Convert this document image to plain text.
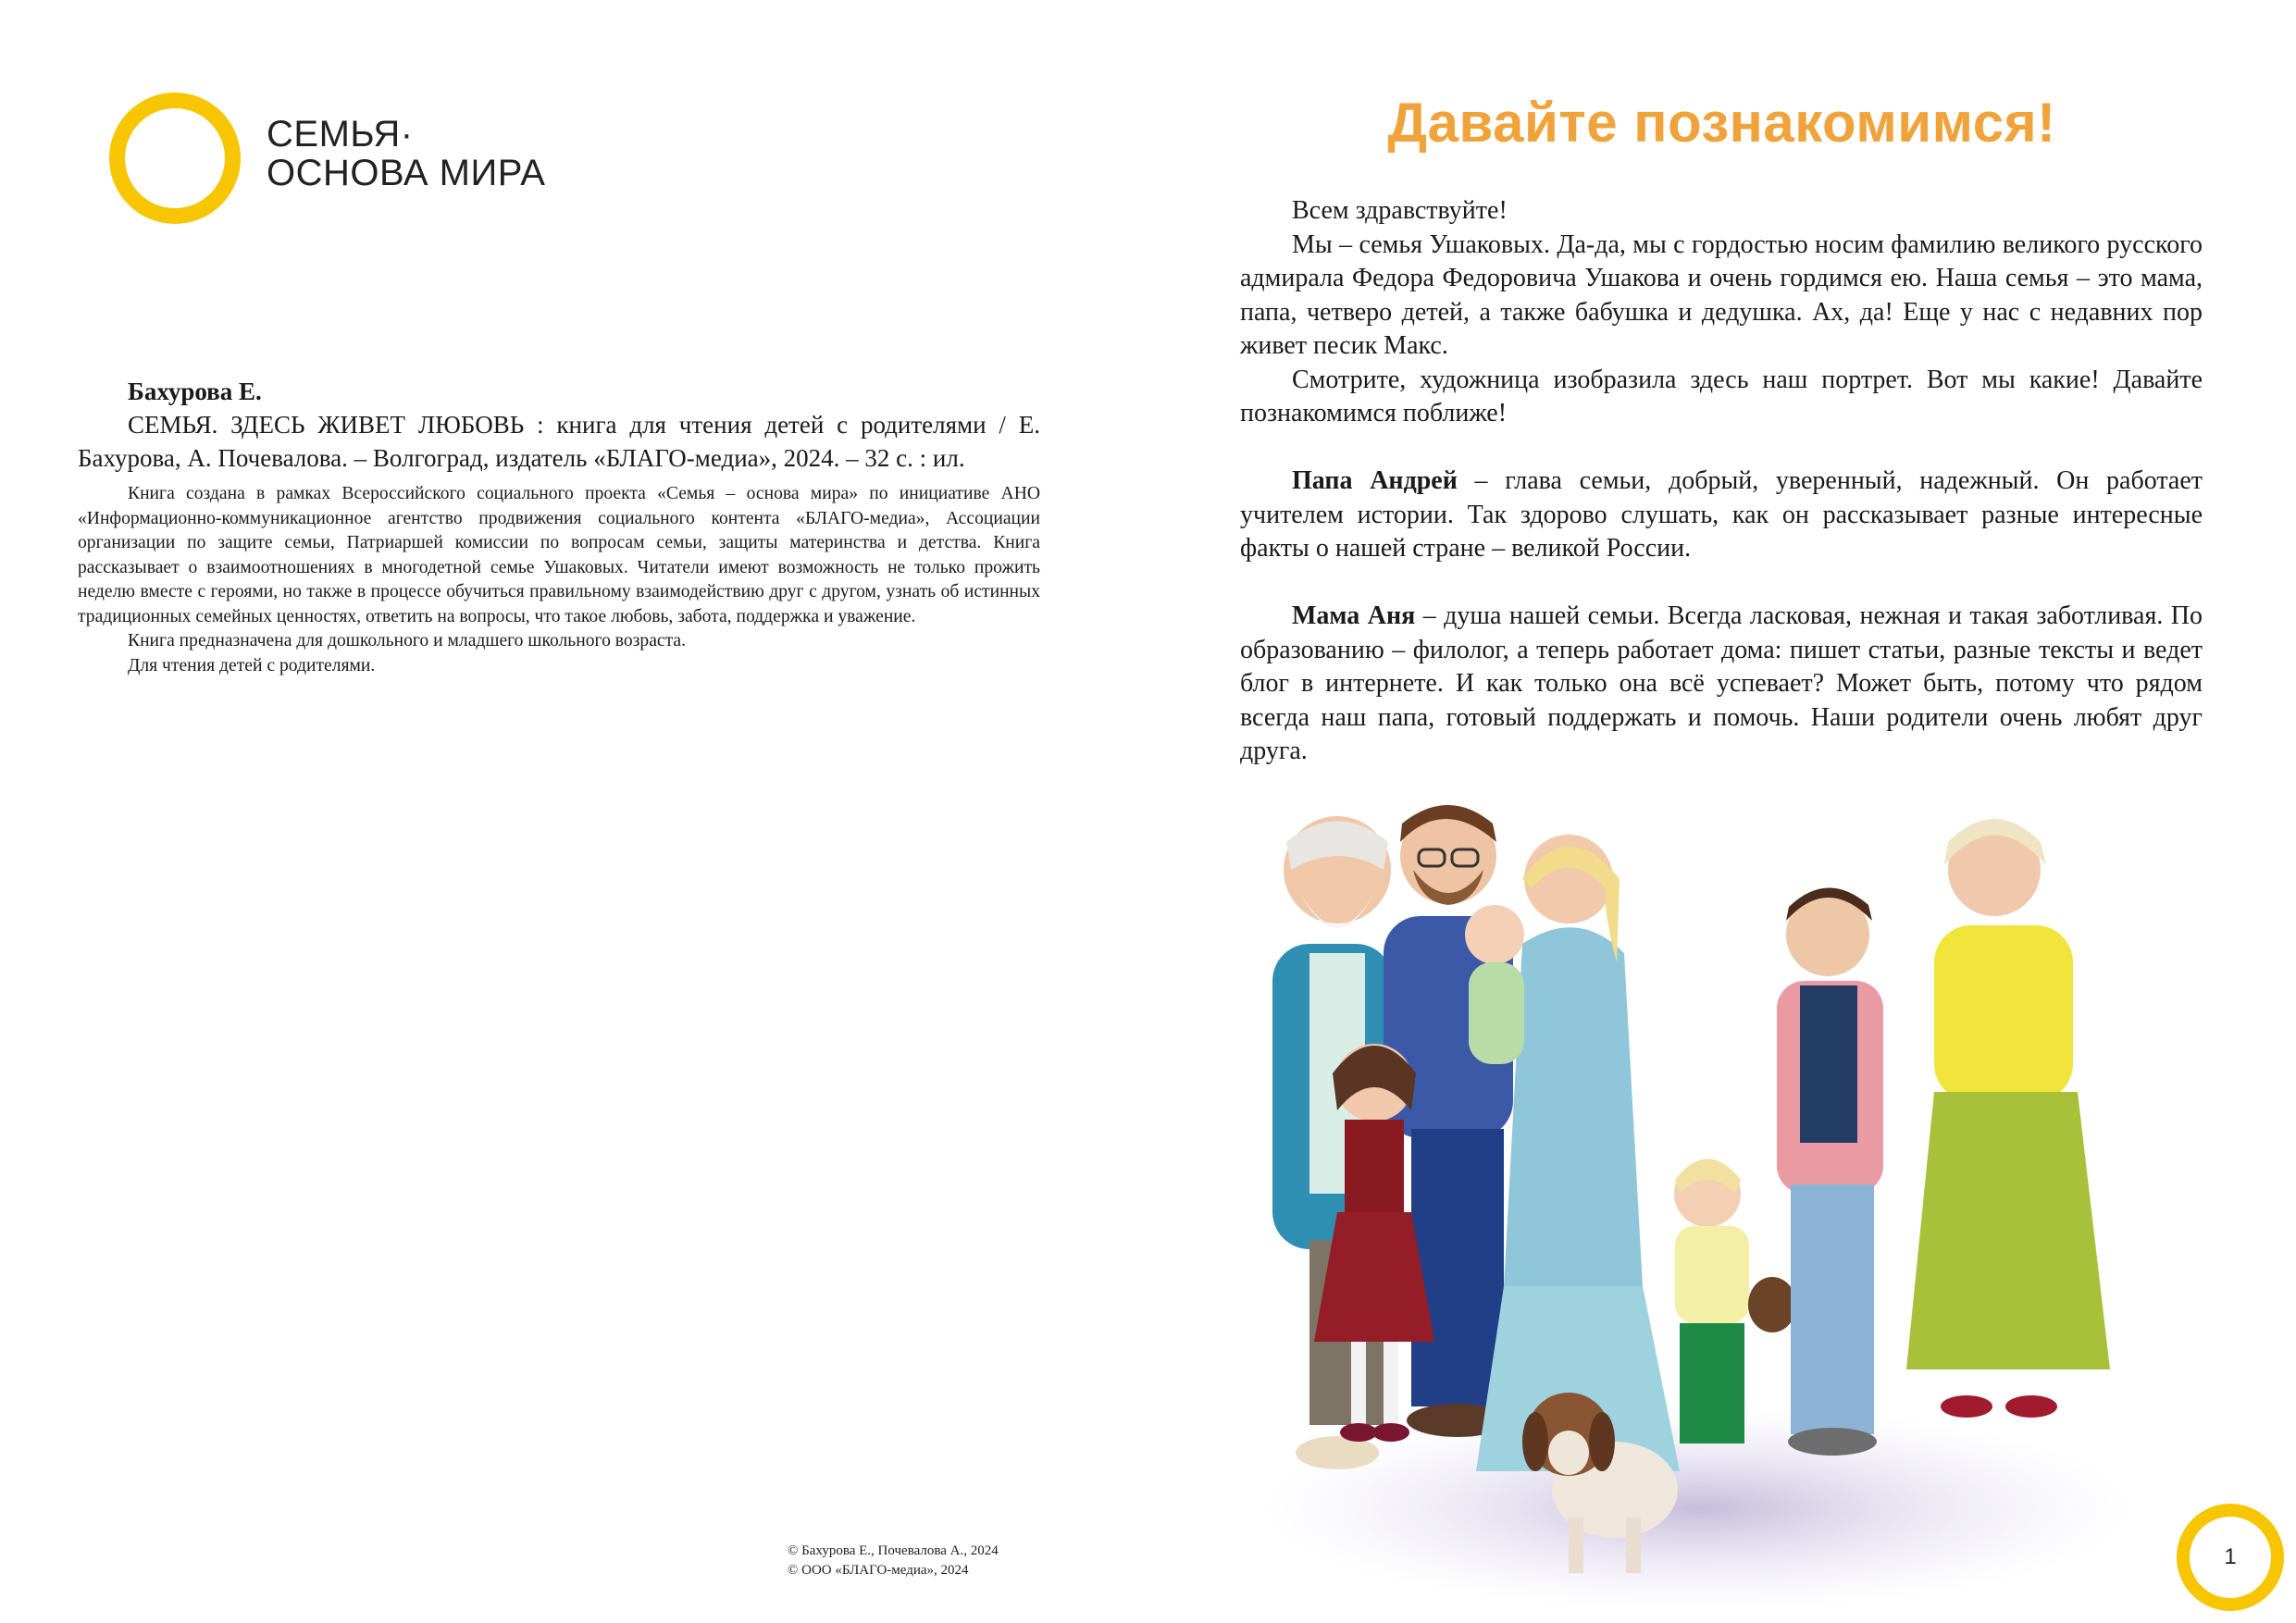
СЕМЬЯ·
ОСНОВА МИРА

Бахурова Е.

СЕМЬЯ. ЗДЕСЬ ЖИВЕТ ЛЮБОВЬ : книга для чтения детей с родителями / Е. Бахурова, А. Почевалова. – Волгоград, издатель «БЛАГО-медиа», 2024. – 32 с. : ил.

Книга создана в рамках Всероссийского социального проекта «Семья – основа мира» по инициативе АНО «Информационно-коммуникационное агентство продвижения социального контента «БЛАГО-медиа», Ассоциации организации по защите семьи, Патриаршей комиссии по вопросам семьи, защиты материнства и детства. Книга рассказывает о взаимоотношениях в многодетной семье Ушаковых. Читатели имеют возможность не только прожить неделю вместе с героями, но также в процессе обучиться правильному взаимодействию друг с другом, узнать об истинных традиционных семейных ценностях, ответить на вопросы, что такое любовь, забота, поддержка и уважение.

Книга предназначена для дошкольного и младшего школьного возраста.

Для чтения детей с родителями.

© Бахурова Е., Почевалова А., 2024
© ООО «БЛАГО-медиа», 2024
Давайте познакомимся!

Всем здравствуйте!

Мы – семья Ушаковых. Да-да, мы с гордостью носим фамилию великого русского адмирала Федора Федоровича Ушакова и очень гордимся ею. Наша семья – это мама, папа, четверо детей, а также бабушка и дедушка. Ах, да! Еще у нас с недавних пор живет песик Макс.

Смотрите, художница изобразила здесь наш портрет. Вот мы какие! Давайте познакомимся поближе!

Папа Андрей – глава семьи, добрый, уверенный, надежный. Он работает учителем истории. Так здорово слушать, как он рассказывает разные интересные факты о нашей стране – великой России.

Мама Аня – душа нашей семьи. Всегда ласковая, нежная и такая заботливая. По образованию – филолог, а теперь работает дома: пишет статьи, разные тексты и ведет блог в интернете. И как только она всё успевает? Может быть, потому что рядом всегда наш папа, готовый поддержать и помочь. Наши родители очень любят друг друга.

1
